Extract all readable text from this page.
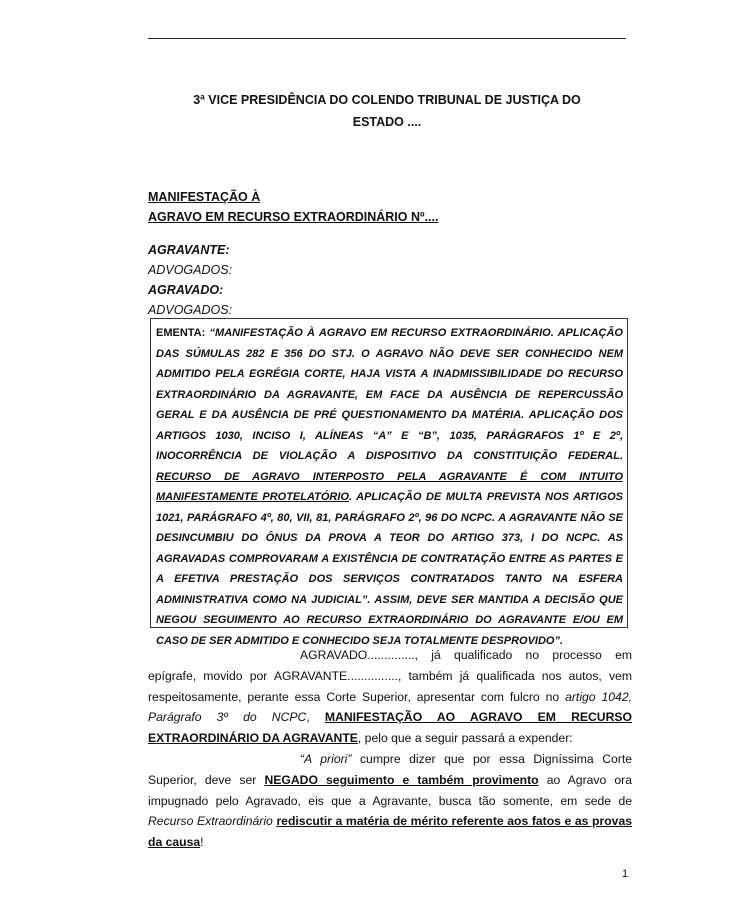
3ª VICE PRESIDÊNCIA DO COLENDO TRIBUNAL DE JUSTIÇA DO
ESTADO ....
MANIFESTAÇÃO À
AGRAVO EM RECURSO EXTRAORDINÁRIO Nº....
AGRAVANTE:
ADVOGADOS:
AGRAVADO:
ADVOGADOS:

EMENTA: “MANIFESTAÇÃO À AGRAVO EM RECURSO EXTRAORDINÁRIO. APLICAÇÃO DAS SÚMULAS 282 E 356 DO STJ. O AGRAVO NÃO DEVE SER CONHECIDO NEM ADMITIDO PELA EGRÉGIA CORTE, HAJA VISTA A INADMISSIBILIDADE DO RECURSO EXTRAORDINÁRIO DA AGRAVANTE, EM FACE DA AUSÊNCIA DE REPERCUSSÃO GERAL E DA AUSÊNCIA DE PRÉ QUESTIONAMENTO DA MATÉRIA. APLICAÇÃO DOS ARTIGOS 1030, INCISO I, ALÍNEAS “A” E “B”, 1035, PARÁGRAFOS 1º E 2º, INOCORRÊNCIA DE VIOLAÇÃO A DISPOSITIVO DA CONSTITUIÇÃO FEDERAL. RECURSO DE AGRAVO INTERPOSTO PELA AGRAVANTE É COM INTUITO MANIFESTAMENTE PROTELATÓRIO. APLICAÇÃO DE MULTA PREVISTA NOS ARTIGOS 1021, PARÁGRAFO 4º, 80, VII, 81, PARÁGRAFO 2º, 96 DO NCPC. A AGRAVANTE NÃO SE DESINCUMBIU DO ÔNUS DA PROVA A TEOR DO ARTIGO 373, I DO NCPC. AS AGRAVADAS COMPROVARAM A EXISTÊNCIA DE CONTRATAÇÃO ENTRE AS PARTES E A EFETIVA PRESTAÇÃO DOS SERVIÇOS CONTRATADOS TANTO NA ESFERA ADMINISTRATIVA COMO NA JUDICIAL”. ASSIM, DEVE SER MANTIDA A DECISÃO QUE NEGOU SEGUIMENTO AO RECURSO EXTRAORDINÁRIO DO AGRAVANTE E/OU EM CASO DE SER ADMITIDO E CONHECIDO SEJA TOTALMENTE DESPROVIDO”.

AGRAVADO.............., já qualificado no processo em epígrafe, movido por AGRAVANTE..............., também já qualificada nos autos, vem respeitosamente, perante essa Corte Superior, apresentar com fulcro no artigo 1042, Parágrafo 3º do NCPC, MANIFESTAÇÃO AO AGRAVO EM RECURSO EXTRAORDINÁRIO DA AGRAVANTE, pelo que a seguir passará a expender:

“A priori” cumpre dizer que por essa Digníssima Corte Superior, deve ser NEGADO seguimento e também provimento ao Agravo ora impugnado pelo Agravado, eis que a Agravante, busca tão somente, em sede de Recurso Extraordinário rediscutir a matéria de mérito referente aos fatos e as provas da causa!

1
